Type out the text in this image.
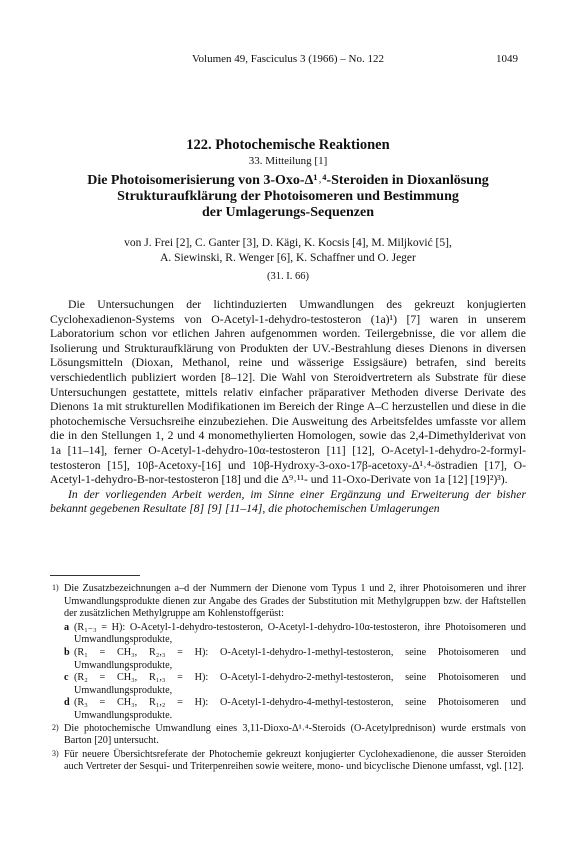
Volumen 49, Fasciculus 3 (1966) – No. 122	1049
122. Photochemische Reaktionen
33. Mitteilung [1]
Die Photoisomerisierung von 3-Oxo-Δ¹˒⁴-Steroiden in Dioxanlösung
Strukturaufklärung der Photoisomeren und Bestimmung
der Umlagerungs-Sequenzen
von J. Frei [2], C. Ganter [3], D. Kägi, K. Kocsis [4], M. Miljković [5],
A. Siewinski, R. Wenger [6], K. Schaffner und O. Jeger
(31. I. 66)

Die Untersuchungen der lichtinduzierten Umwandlungen des gekreuzt konjugierten Cyclohexadienon-Systems von O-Acetyl-1-dehydro-testosteron (1a)¹) [7] waren in unserem Laboratorium schon vor etlichen Jahren aufgenommen worden. Teilergebnisse, die vor allem die Isolierung und Strukturaufklärung von Produkten der UV.-Bestrahlung dieses Dienons in diversen Lösungsmitteln (Dioxan, Methanol, reine und wässerige Essigsäure) betrafen, sind bereits verschiedentlich publiziert worden [8–12]. Die Wahl von Steroidvertretern als Substrate für diese Untersuchungen gestattete, mittels relativ einfacher präparativer Methoden diverse Derivate des Dienons 1a mit strukturellen Modifikationen im Bereich der Ringe A–C herzustellen und diese in die photochemische Versuchsreihe einzubeziehen. Die Ausweitung des Arbeitsfeldes umfasste vor allem die in den Stellungen 1, 2 und 4 monomethylierten Homologen, sowie das 2,4-Dimethylderivat von 1a [11–14], ferner O-Acetyl-1-dehydro-10α-testosteron [11] [12], O-Acetyl-1-dehydro-2-formyl-testosteron [15], 10β-Acetoxy-[16] und 10β-Hydroxy-3-oxo-17β-acetoxy-Δ¹˒⁴-östradien [17], O-Acetyl-1-dehydro-B-nor-testosteron [18] und die Δ⁹˒¹¹- und 11-Oxo-Derivate von 1a [12] [19]²)³).

In der vorliegenden Arbeit werden, im Sinne einer Ergänzung und Erweiterung der bisher bekannt gegebenen Resultate [8] [9] [11–14], die photochemischen Umlagerungen

1) Die Zusatzbezeichnungen a–d der Nummern der Dienone vom Typus 1 und 2, ihrer Photoisomeren und ihrer Umwandlungsprodukte dienen zur Angabe des Grades der Substitution mit Methylgruppen bzw. der Haftstellen der zusätzlichen Methylgruppe am Kohlenstoffgerüst:
a (R₁₋₃ = H): O-Acetyl-1-dehydro-testosteron, O-Acetyl-1-dehydro-10α-testosteron, ihre Photoisomeren und Umwandlungsprodukte,
b (R₁ = CH₃, R₂,₃ = H): O-Acetyl-1-dehydro-1-methyl-testosteron, seine Photoisomeren und Umwandlungsprodukte,
c (R₂ = CH₃, R₁,₃ = H): O-Acetyl-1-dehydro-2-methyl-testosteron, seine Photoisomeren und Umwandlungsprodukte,
d (R₃ = CH₃, R₁,₂ = H): O-Acetyl-1-dehydro-4-methyl-testosteron, seine Photoisomeren und Umwandlungsprodukte.
2) Die photochemische Umwandlung eines 3,11-Dioxo-Δ¹˒⁴-Steroids (O-Acetylprednison) wurde erstmals von Barton [20] untersucht.
3) Für neuere Übersichtsreferate der Photochemie gekreuzt konjugierter Cyclohexadienone, die ausser Steroiden auch Vertreter der Sesqui- und Triterpenreihen sowie weitere, mono- und bicyclische Dienone umfasst, vgl. [12].
